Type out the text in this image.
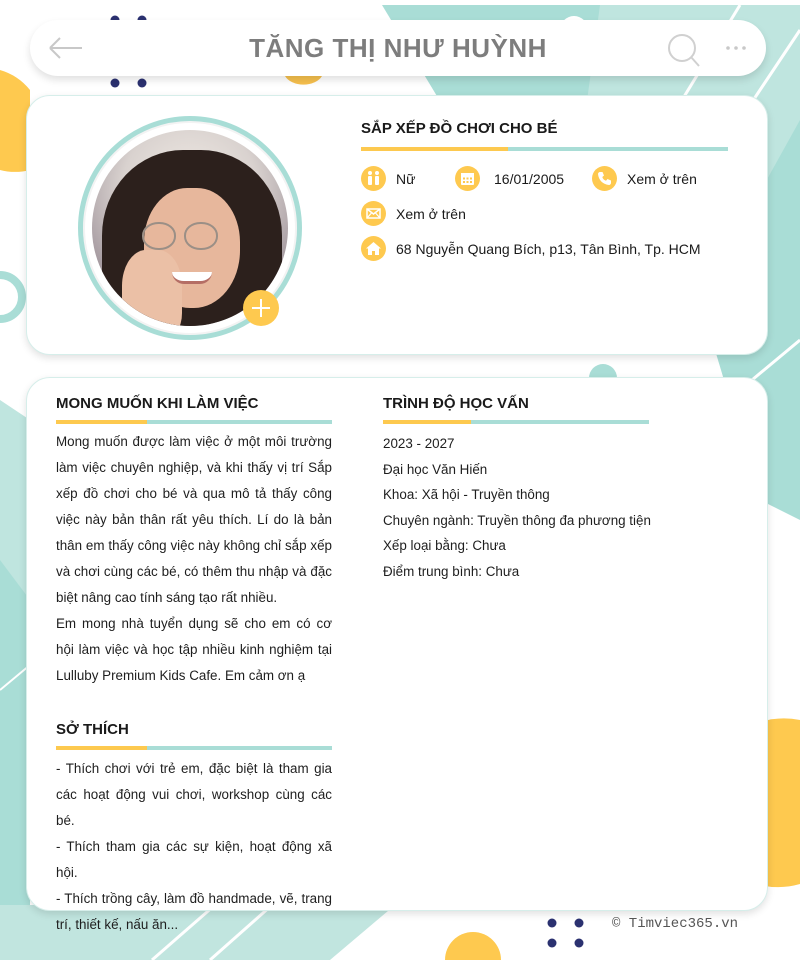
TĂNG THỊ NHƯ HUỲNH
SẮP XẾP ĐỒ CHƠI CHO BÉ
Nữ	16/01/2005	Xem ở trên
Xem ở trên
68 Nguyễn Quang Bích, p13, Tân Bình, Tp. HCM
MONG MUỐN KHI LÀM VIỆC

Mong muốn được làm việc ở một môi trường làm việc chuyên nghiệp, và khi thấy vị trí Sắp xếp đồ chơi cho bé và qua mô tả thấy công việc này bản thân rất yêu thích. Lí do là bản thân em thấy công việc này không chỉ sắp xếp và chơi cùng các bé, có thêm thu nhập và đặc biệt nâng cao tính sáng tạo rất nhiều.

Em mong nhà tuyển dụng sẽ cho em có cơ hội làm việc và học tập nhiều kinh nghiệm tại Lulluby Premium Kids Cafe. Em cảm ơn ạ

SỞ THÍCH

- Thích chơi với trẻ em, đặc biệt là tham gia các hoạt động vui chơi, workshop cùng các bé.

- Thích tham gia các sự kiện, hoạt động xã hội.

- Thích trồng cây, làm đồ handmade, vẽ, trang trí, thiết kế, nấu ăn...

TRÌNH ĐỘ HỌC VẤN
2023 - 2027
Đại học Văn Hiến
Khoa: Xã hội - Truyền thông
Chuyên ngành: Truyền thông đa phương tiện
Xếp loại bằng: Chưa
Điểm trung bình: Chưa
© Timviec365.vn
